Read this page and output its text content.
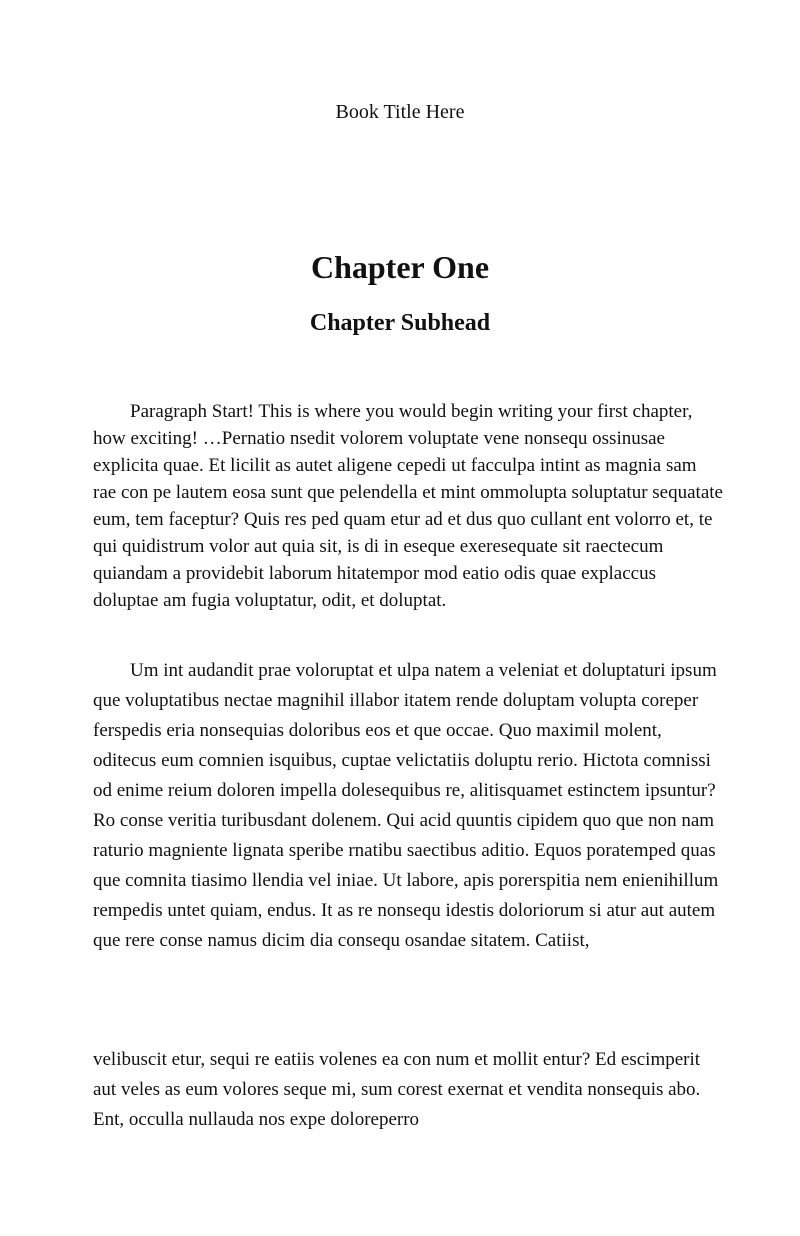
Book Title Here
Chapter One
Chapter Subhead

Paragraph Start! This is where you would begin writing your first chapter, how exciting! …Pernatio nsedit volorem voluptate vene nonsequ ossinusae explicita quae. Et licilit as autet aligene cepedi ut facculpa intint as magnia sam rae con pe lautem eosa sunt que pelendella et mint ommolupta soluptatur sequatate eum, tem faceptur? Quis res ped quam etur ad et dus quo cullant ent volorro et, te qui quidistrum volor aut quia sit, is di in eseque exeresequate sit raectecum quiandam a providebit laborum hitatempor mod eatio odis quae explaccus doluptae am fugia voluptatur, odit, et doluptat.

Um int audandit prae voloruptat et ulpa natem a veleniat et doluptaturi ipsum que voluptatibus nectae magnihil illabor itatem rende doluptam volupta coreper ferspedis eria nonsequias doloribus eos et que occae. Quo maximil molent, oditecus eum comnien isquibus, cuptae velictatiis doluptu rerio. Hictota comnissi od enime reium doloren impella dolesequibus re, alitisquamet estinctem ipsuntur? Ro conse veritia turibusdant dolenem. Qui acid quuntis cipidem quo que non nam raturio magniente lignata speribe rnatibu saectibus aditio. Equos poratemped quas que comnita tiasimo llendia vel iniae. Ut labore, apis porerspitia nem enienihillum rempedis untet quiam, endus. It as re nonsequ idestis doloriorum si atur aut autem que rere conse namus dicim dia consequ osandae sitatem. Catiist,

velibuscit etur, sequi re eatiis volenes ea con num et mollit entur? Ed escimperit aut veles as eum volores seque mi, sum corest exernat et vendita nonsequis abo. Ent, occulla nullauda nos expe doloreperro
